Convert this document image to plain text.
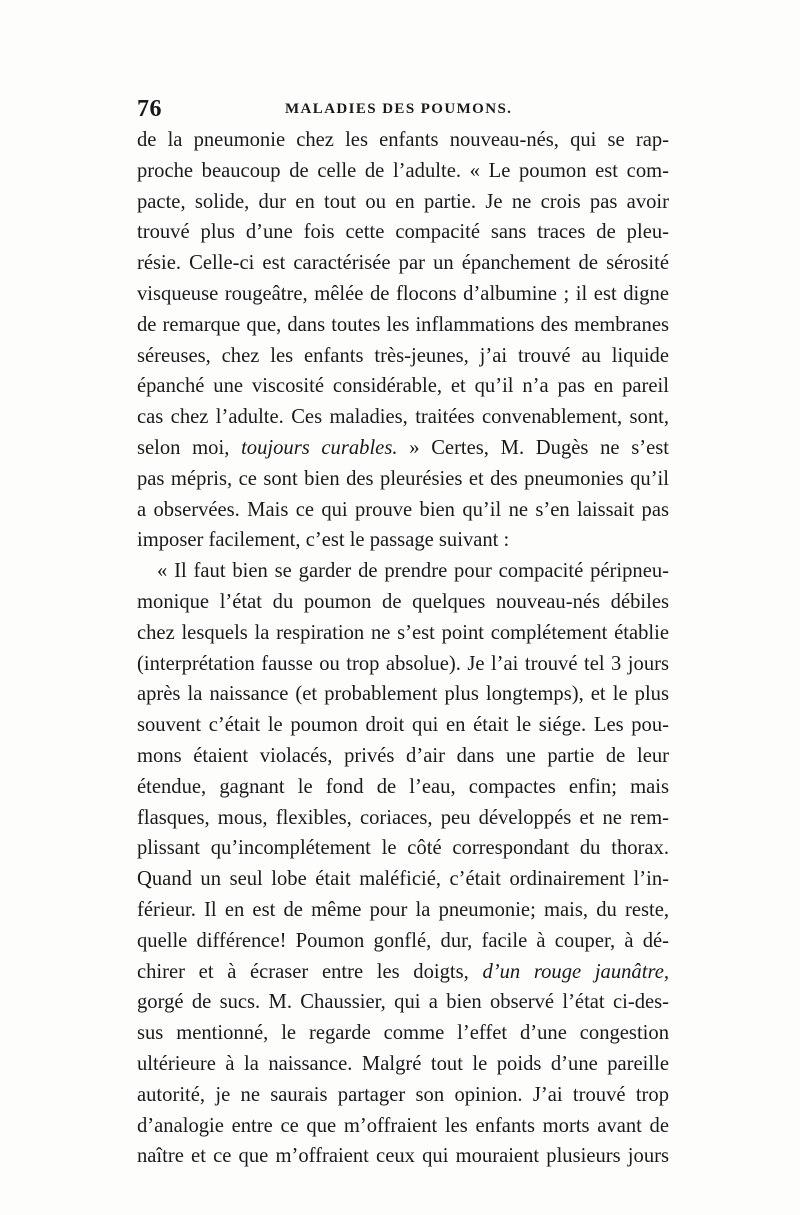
76	MALADIES DES POUMONS.
de la pneumonie chez les enfants nouveau-nés, qui se rap-
proche beaucoup de celle de l’adulte. « Le poumon est com-
pacte, solide, dur en tout ou en partie. Je ne crois pas avoir
trouvé plus d’une fois cette compacité sans traces de pleu-
résie. Celle-ci est caractérisée par un épanchement de sérosité
visqueuse rougeâtre, mêlée de flocons d’albumine ; il est digne
de remarque que, dans toutes les inflammations des membranes
séreuses, chez les enfants très-jeunes, j’ai trouvé au liquide
épanché une viscosité considérable, et qu’il n’a pas en pareil
cas chez l’adulte. Ces maladies, traitées convenablement, sont,
selon moi, toujours curables. » Certes, M. Dugès ne s’est
pas mépris, ce sont bien des pleurésies et des pneumonies qu’il
a observées. Mais ce qui prouve bien qu’il ne s’en laissait pas
imposer facilement, c’est le passage suivant :
« Il faut bien se garder de prendre pour compacité péripneu-
monique l’état du poumon de quelques nouveau-nés débiles
chez lesquels la respiration ne s’est point complétement établie
(interprétation fausse ou trop absolue). Je l’ai trouvé tel 3 jours
après la naissance (et probablement plus longtemps), et le plus
souvent c’était le poumon droit qui en était le siége. Les pou-
mons étaient violacés, privés d’air dans une partie de leur
étendue, gagnant le fond de l’eau, compactes enfin; mais
flasques, mous, flexibles, coriaces, peu développés et ne rem-
plissant qu’incomplétement le côté correspondant du thorax.
Quand un seul lobe était maléficié, c’était ordinairement l’in-
férieur. Il en est de même pour la pneumonie; mais, du reste,
quelle différence! Poumon gonflé, dur, facile à couper, à dé-
chirer et à écraser entre les doigts, d’un rouge jaunâtre,
gorgé de sucs. M. Chaussier, qui a bien observé l’état ci-des-
sus mentionné, le regarde comme l’effet d’une congestion
ultérieure à la naissance. Malgré tout le poids d’une pareille
autorité, je ne saurais partager son opinion. J’ai trouvé trop
d’analogie entre ce que m’offraient les enfants morts avant de
naître et ce que m’offraient ceux qui mouraient plusieurs jours
